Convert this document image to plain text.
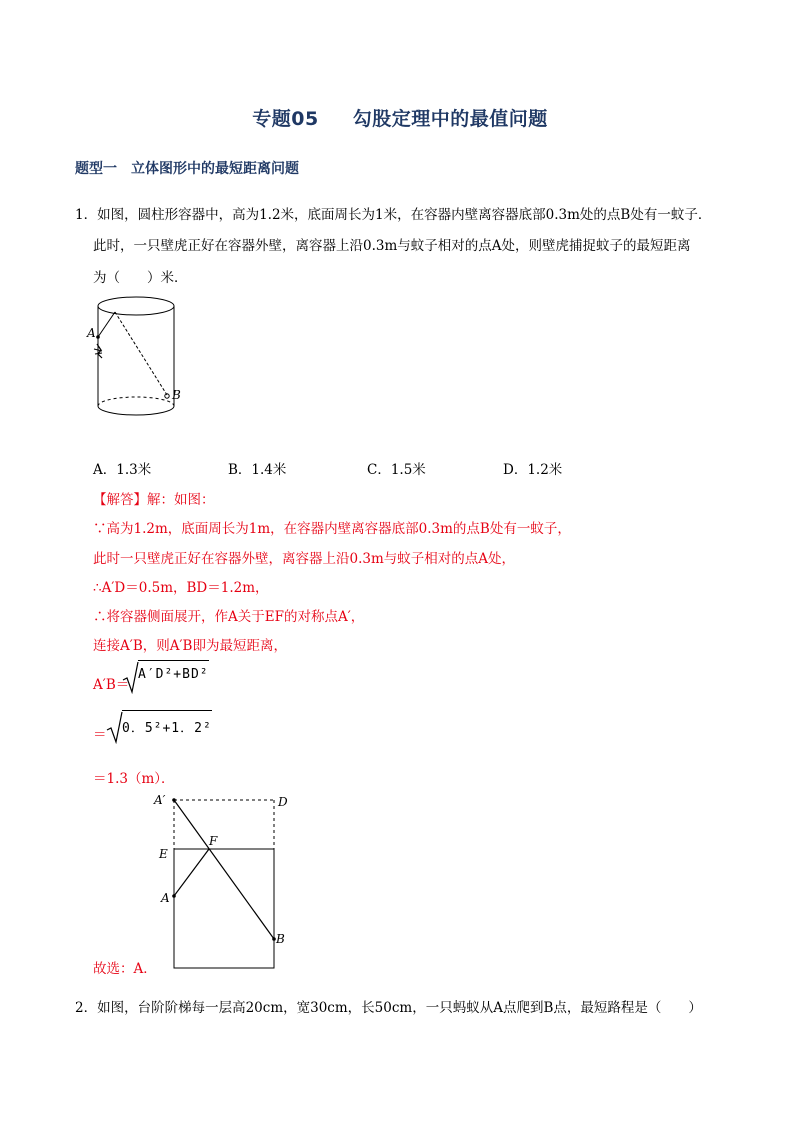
专题05 勾股定理中的最值问题
题型一 立体图形中的最短距离问题
1．如图，圆柱形容器中，高为1.2米，底面周长为1米，在容器内壁离容器底部0.3m处的点B处有一蚊子．
此时，一只壁虎正好在容器外壁，离容器上沿0.3m与蚊子相对的点A处，则壁虎捕捉蚊子的最短距离
为（　　）米．
A
B
A．1.3米	B．1.4米	C．1.5米	D．1.2米
【解答】解：如图：
∵高为1.2m，底面周长为1m，在容器内壁离容器底部0.3m的点B处有一蚊子，
此时一只壁虎正好在容器外壁，离容器上沿0.3m与蚊子相对的点A处，
∴A′D＝0.5m，BD＝1.2m，
∴将容器侧面展开，作A关于EF的对称点A′，
连接A′B，则A′B即为最短距离，
A′B＝
A′D²+BD²
＝ 0．5²+1．2²
＝1.3（m）．
A′	D
E
F
A
B
故选：A．
2．如图，台阶阶梯每一层高20cm，宽30cm，长50cm，一只蚂蚁从A点爬到B点，最短路程是（　　）
